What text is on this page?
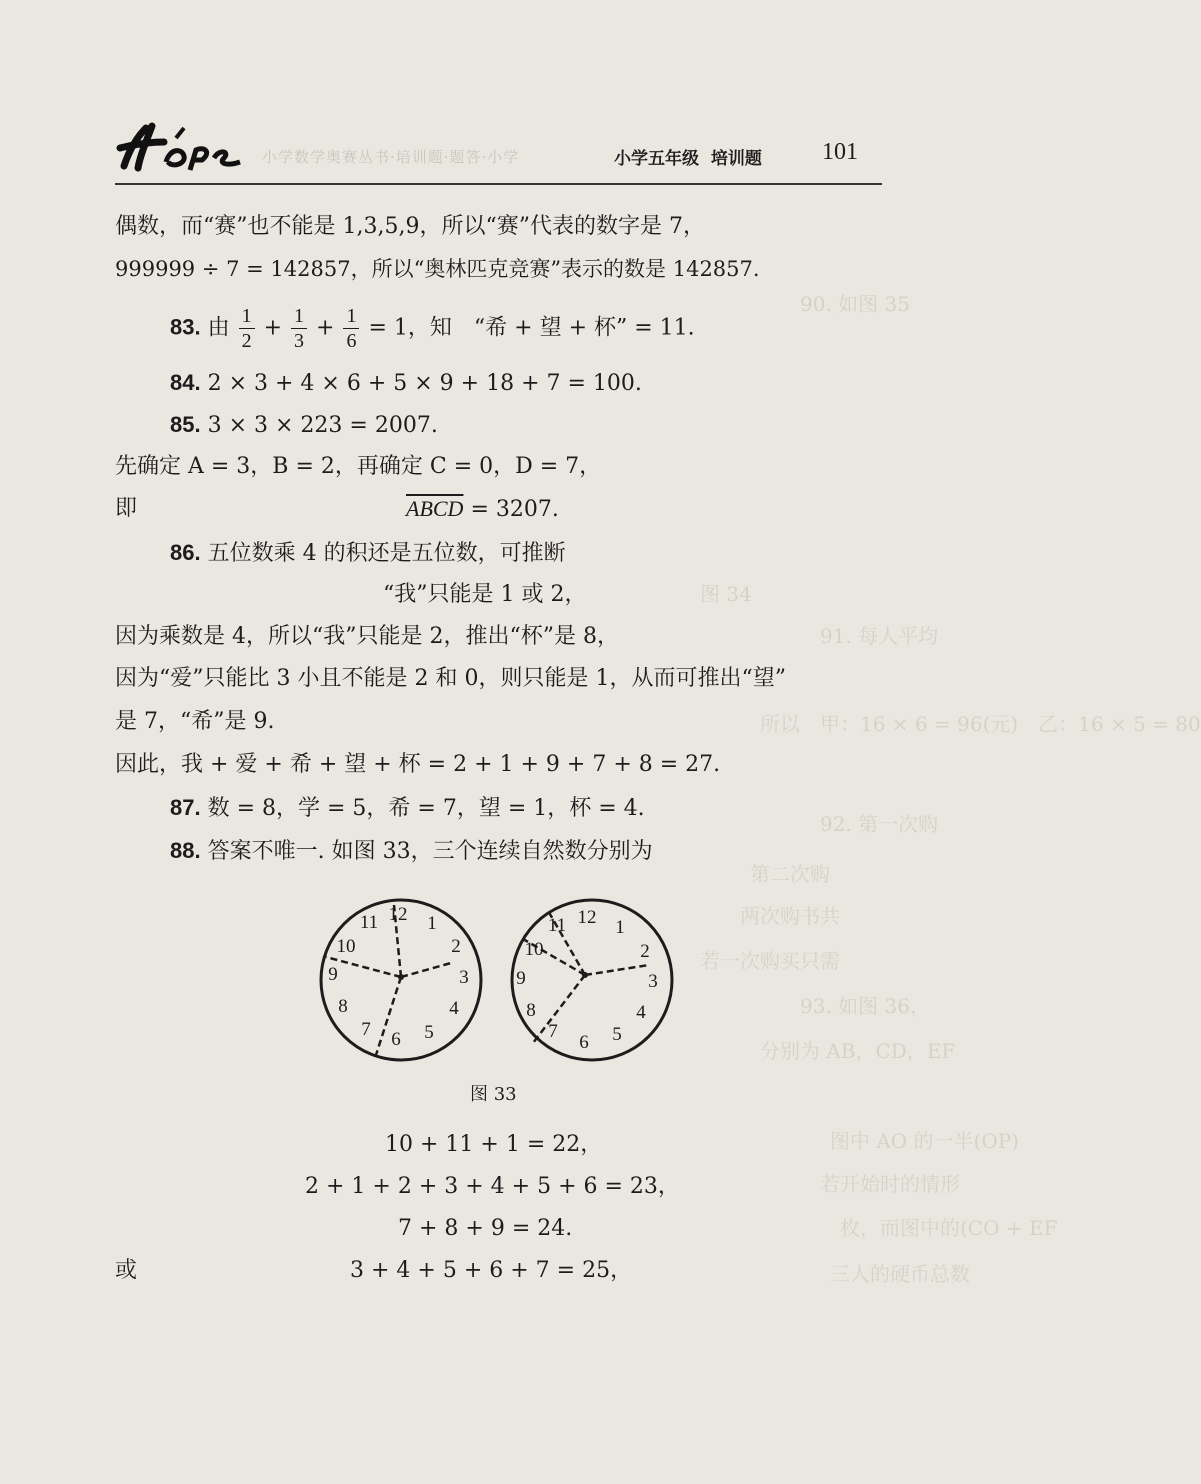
90. 如图 35
图 34
91. 每人平均
所以　甲：16 × 6 = 96(元)　乙：16 × 5 = 80
92. 第一次购
第二次购
两次购书共
若一次购买只需
93. 如图 36，
分别为 AB，CD，EF
图中 AO 的一半(OP)
若开始时的情形
枚，而图中的(CO + EF
三人的硬币总数
小学数学奥赛丛书·培训题·题答·小学	小学五年级 培训题	101
偶数，而“赛”也不能是 1,3,5,9，所以“赛”代表的数字是 7，
999999 ÷ 7 = 142857，所以“奥林匹克竞赛”表示的数是 142857.
83. 由 $\frac{1}{2} + \frac{1}{3} + \frac{1}{6} = 1$，知　“希 + 望 + 杯” = 11.
84. 2 × 3 + 4 × 6 + 5 × 9 + 18 + 7 = 100.
85. 3 × 3 × 223 = 2007.
先确定 A = 3，B = 2，再确定 C = 0，D = 7，
即	ABCD = 3207.
86. 五位数乘 4 的积还是五位数，可推断
“我”只能是 1 或 2，
因为乘数是 4，所以“我”只能是 2，推出“杯”是 8，
因为“爱”只能比 3 小且不能是 2 和 0，则只能是 1，从而可推出“望”
是 7，“希”是 9.
因此，我 + 爱 + 希 + 望 + 杯 = 2 + 1 + 9 + 7 + 8 = 27.
87. 数 = 8，学 = 5，希 = 7，望 = 1，杯 = 4.
88. 答案不唯一. 如图 33，三个连续自然数分别为
12 1
2
3
4
5
6
7
8
9
10
11	12 1
2
3
4
5
6
7
8
9
10
11
图 33
10 + 11 + 1 = 22，
2 + 1 + 2 + 3 + 4 + 5 + 6 = 23，
7 + 8 + 9 = 24.
或	3 + 4 + 5 + 6 + 7 = 25，
